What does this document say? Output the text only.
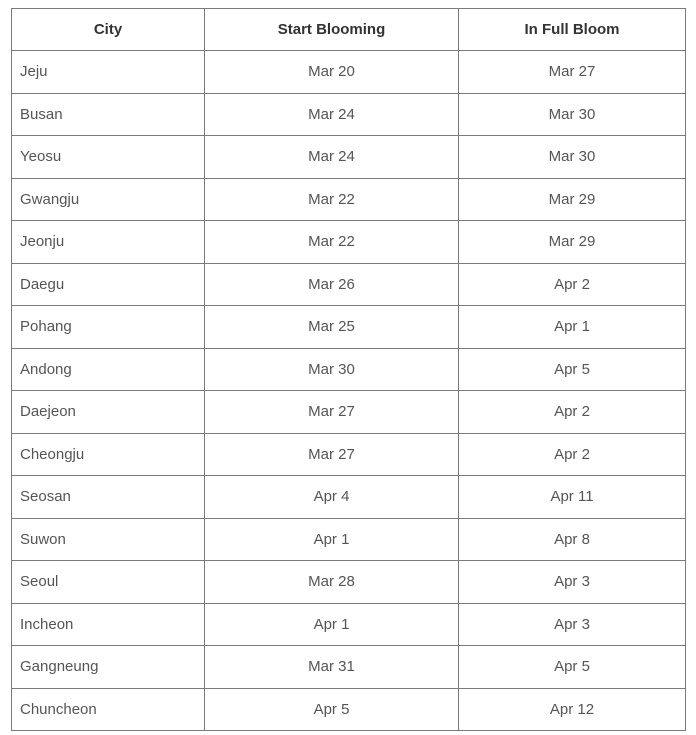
City	Start Blooming	In Full Bloom
Jeju	Mar 20	Mar 27
Busan	Mar 24	Mar 30
Yeosu	Mar 24	Mar 30
Gwangju	Mar 22	Mar 29
Jeonju	Mar 22	Mar 29
Daegu	Mar 26	Apr 2
Pohang	Mar 25	Apr 1
Andong	Mar 30	Apr 5
Daejeon	Mar 27	Apr 2
Cheongju	Mar 27	Apr 2
Seosan	Apr 4	Apr 11
Suwon	Apr 1	Apr 8
Seoul	Mar 28	Apr 3
Incheon	Apr 1	Apr 3
Gangneung	Mar 31	Apr 5
Chuncheon	Apr 5	Apr 12
